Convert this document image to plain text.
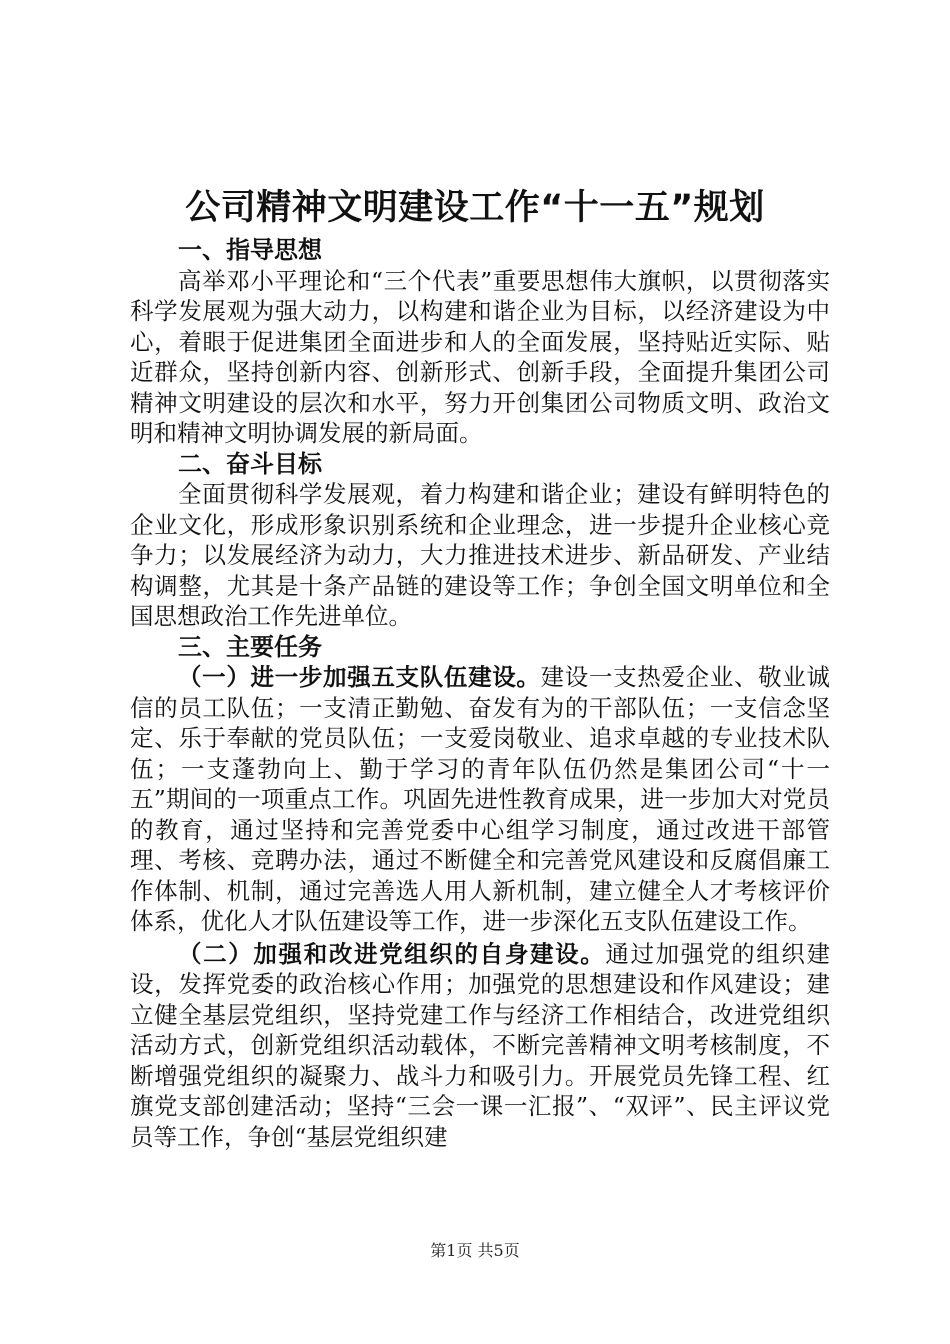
公司精神文明建设工作“十一五”规划
一、指导思想

高举邓小平理论和“三个代表”重要思想伟大旗帜，以贯彻落实科学发展观为强大动力，以构建和谐企业为目标，以经济建设为中心，着眼于促进集团全面进步和人的全面发展，坚持贴近实际、贴近群众，坚持创新内容、创新形式、创新手段，全面提升集团公司精神文明建设的层次和水平，努力开创集团公司物质文明、政治文明和精神文明协调发展的新局面。

二、奋斗目标

全面贯彻科学发展观，着力构建和谐企业；建设有鲜明特色的企业文化，形成形象识别系统和企业理念，进一步提升企业核心竞争力；以发展经济为动力，大力推进技术进步、新品研发、产业结构调整，尤其是十条产品链的建设等工作；争创全国文明单位和全国思想政治工作先进单位。

三、主要任务

（一）进一步加强五支队伍建设。建设一支热爱企业、敬业诚信的员工队伍；一支清正勤勉、奋发有为的干部队伍；一支信念坚定、乐于奉献的党员队伍；一支爱岗敬业、追求卓越的专业技术队伍；一支蓬勃向上、勤于学习的青年队伍仍然是集团公司“十一五”期间的一项重点工作。巩固先进性教育成果，进一步加大对党员的教育，通过坚持和完善党委中心组学习制度，通过改进干部管理、考核、竞聘办法，通过不断健全和完善党风建设和反腐倡廉工作体制、机制，通过完善选人用人新机制，建立健全人才考核评价体系，优化人才队伍建设等工作，进一步深化五支队伍建设工作。

（二）加强和改进党组织的自身建设。通过加强党的组织建设，发挥党委的政治核心作用；加强党的思想建设和作风建设；建立健全基层党组织，坚持党建工作与经济工作相结合，改进党组织活动方式，创新党组织活动载体，不断完善精神文明考核制度，不断增强党组织的凝聚力、战斗力和吸引力。开展党员先锋工程、红旗党支部创建活动；坚持“三会一课一汇报”、“双评”、民主评议党员等工作，争创“基层党组织建

第1页 共5页
